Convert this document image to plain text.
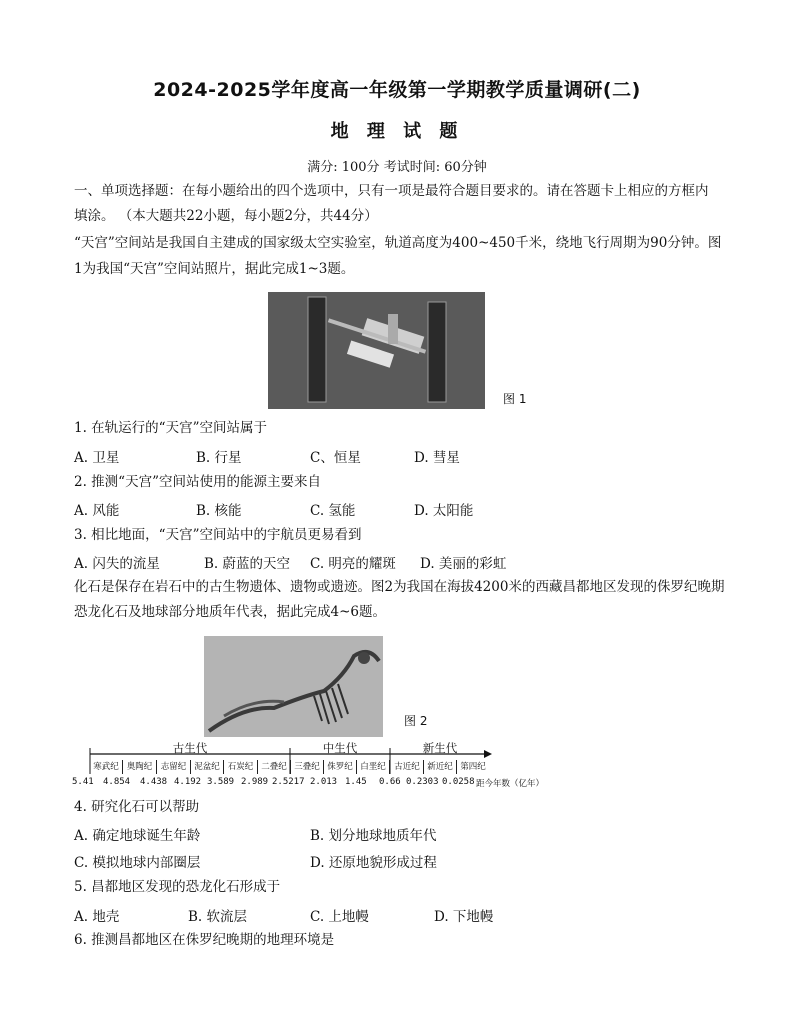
2024-2025学年度高一年级第一学期教学质量调研(二)
地 理 试 题
满分: 100分 考试时间: 60分钟
一、单项选择题：在每小题给出的四个选项中，只有一项是最符合题目要求的。请在答题卡上相应的方框内
填涂。 （本大题共22小题，每小题2分，共44分）
“天宫”空间站是我国自主建成的国家级太空实验室，轨道高度为400~450千米，绕地飞行周期为90分钟。图
1为我国“天宫”空间站照片，据此完成1~3题。
图 1
1. 在轨运行的“天宫”空间站属于
A. 卫星	B. 行星	C、恒星	D. 彗星
2. 推测“天宫”空间站使用的能源主要来自
A. 风能	B. 核能	C. 氢能	D. 太阳能
3. 相比地面，“天宫”空间站中的宇航员更易看到
A. 闪失的流星	B. 蔚蓝的天空 C. 明亮的耀斑 D. 美丽的彩虹
化石是保存在岩石中的古生物遗体、遗物或遗迹。图2为我国在海拔4200米的西藏昌都地区发现的侏罗纪晚期
恐龙化石及地球部分地质年代表，据此完成4~6题。
图 2
古生代	中生代	新生代
寒武纪 奥陶纪 志留纪 泥盆纪 石炭纪 二叠纪 三叠纪 侏罗纪 白垩纪 古近纪 新近纪 第四纪
5.41 4.854 4.438 4.192 3.589 2.989 2.5217 2.013 1.45 0.66 0.2303 0.0258 距今年数（亿年）
4. 研究化石可以帮助
A. 确定地球诞生年龄	B. 划分地球地质年代
C. 模拟地球内部圈层	D. 还原地貌形成过程
5. 昌都地区发现的恐龙化石形成于
A. 地壳	B. 软流层	C. 上地幔	D. 下地幔
6. 推测昌都地区在侏罗纪晚期的地理环境是
